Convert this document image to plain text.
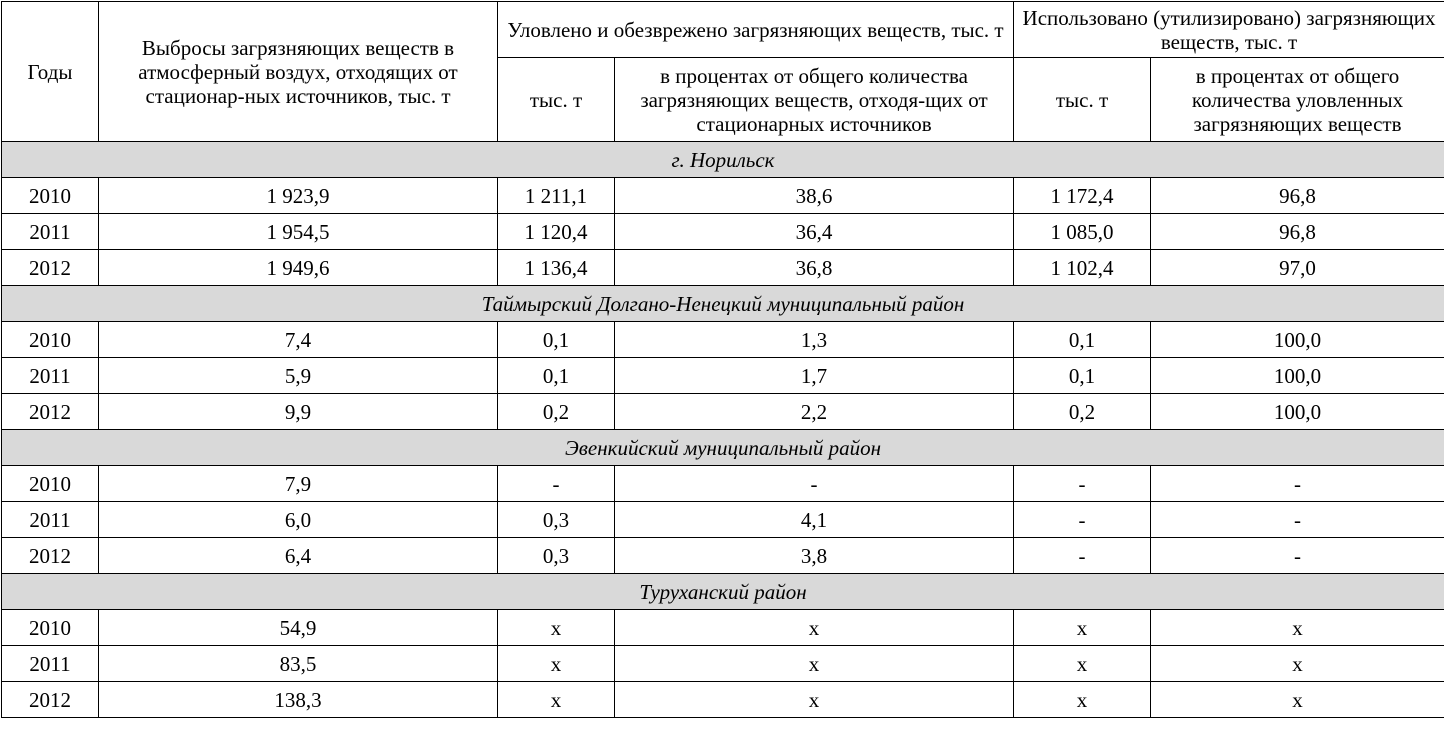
Годы	Выбросы загрязняющих веществ в атмосферный воздух, отходящих от стационар-ных источников, тыс. т	Уловлено и обезврежено загрязняющих веществ, тыс. т		Использовано (утилизировано) загрязняющих веществ, тыс. т	
		тыс. т	в процентах от общего количества загрязняющих веществ, отходя-щих от стационарных источников	тыс. т	в процентах от общего количества уловленных загрязняющих веществ
г. Норильск					
2010	1 923,9	1 211,1	38,6	1 172,4	96,8
2011	1 954,5	1 120,4	36,4	1 085,0	96,8
2012	1 949,6	1 136,4	36,8	1 102,4	97,0
Таймырский Долгано-Ненецкий муниципальный район					
2010	7,4	0,1	1,3	0,1	100,0
2011	5,9	0,1	1,7	0,1	100,0
2012	9,9	0,2	2,2	0,2	100,0
Эвенкийский муниципальный район					
2010	7,9	-	-	-	-
2011	6,0	0,3	4,1	-	-
2012	6,4	0,3	3,8	-	-
Туруханский район					
2010	54,9	x	x	x	x
2011	83,5	x	x	x	x
2012	138,3	x	x	x	x
